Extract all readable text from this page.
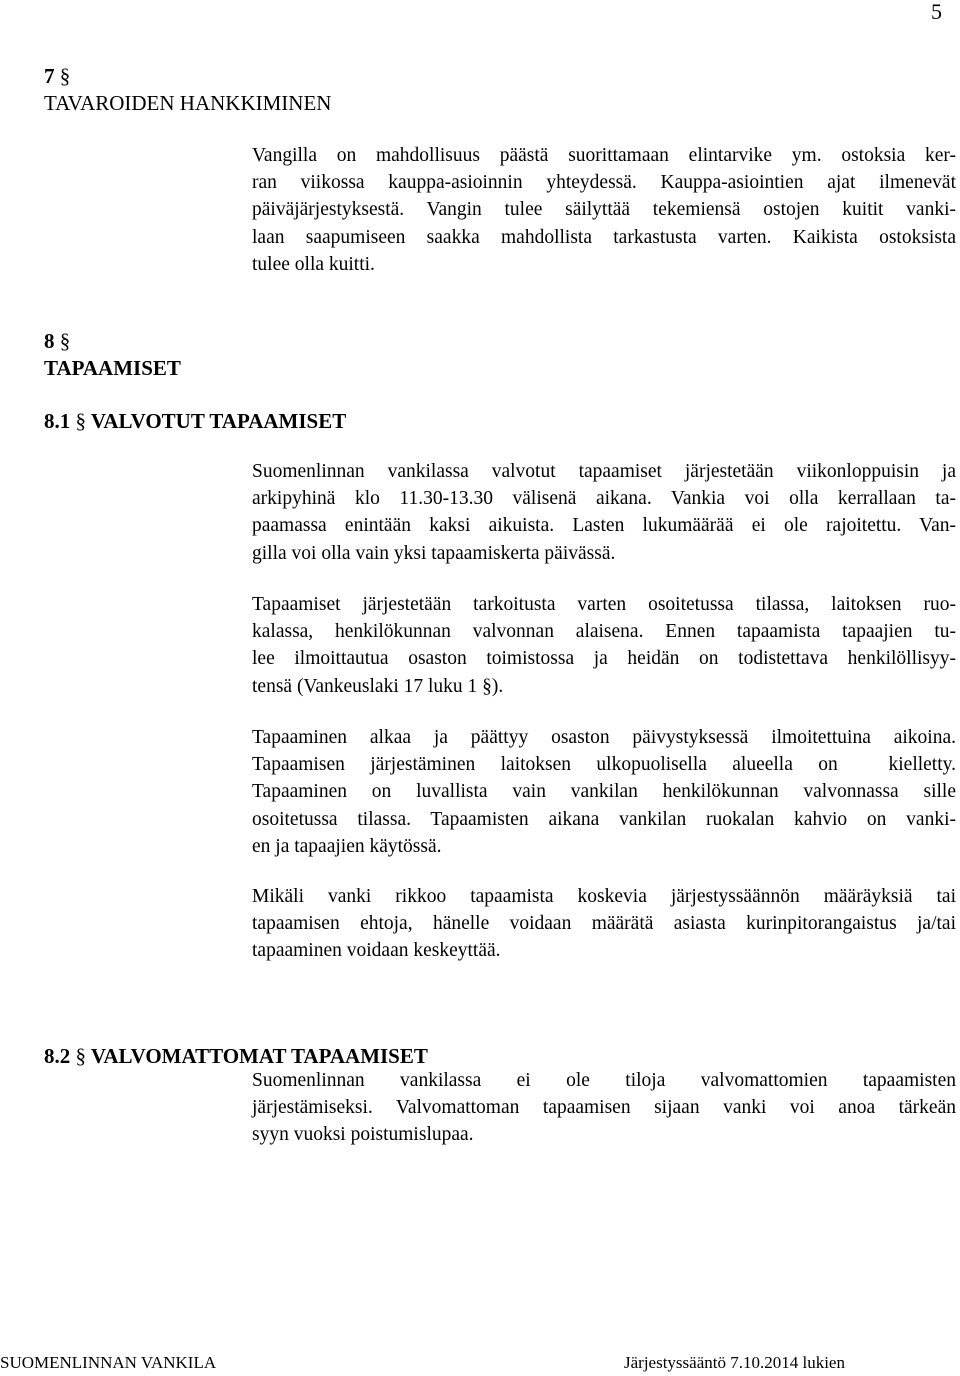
5
7 §
TAVAROIDEN HANKKIMINEN
Vangilla on mahdollisuus päästä suorittamaan elintarvike ym. ostoksia ker-
ran viikossa kauppa-asioinnin yhteydessä. Kauppa-asiointien ajat ilmenevät
päiväjärjestyksestä. Vangin tulee säilyttää tekemiensä ostojen kuitit vanki-
laan saapumiseen saakka mahdollista tarkastusta varten. Kaikista ostoksista
tulee olla kuitti.
8 §
TAPAAMISET
8.1 § VALVOTUT TAPAAMISET
Suomenlinnan vankilassa valvotut tapaamiset järjestetään viikonloppuisin ja
arkipyhinä klo 11.30-13.30 välisenä aikana. Vankia voi olla kerrallaan ta-
paamassa enintään kaksi aikuista. Lasten lukumäärää ei ole rajoitettu. Van-
gilla voi olla vain yksi tapaamiskerta päivässä.
Tapaamiset järjestetään tarkoitusta varten osoitetussa tilassa, laitoksen ruo-
kalassa, henkilökunnan valvonnan alaisena. Ennen tapaamista tapaajien tu-
lee ilmoittautua osaston toimistossa ja heidän on todistettava henkilöllisyy-
tensä (Vankeuslaki 17 luku 1 §).
Tapaaminen alkaa ja päättyy osaston päivystyksessä ilmoitettuina aikoina.
Tapaamisen järjestäminen laitoksen ulkopuolisella alueella on  kielletty.
Tapaaminen on luvallista vain vankilan henkilökunnan valvonnassa sille
osoitetussa tilassa. Tapaamisten aikana vankilan ruokalan kahvio on vanki-
en ja tapaajien käytössä.
Mikäli vanki rikkoo tapaamista koskevia järjestyssäännön määräyksiä tai
tapaamisen ehtoja, hänelle voidaan määrätä asiasta kurinpitorangaistus ja/tai
tapaaminen voidaan keskeyttää.
8.2 § VALVOMATTOMAT TAPAAMISET
Suomenlinnan vankilassa ei ole tiloja valvomattomien tapaamisten
järjestämiseksi. Valvomattoman tapaamisen sijaan vanki voi anoa tärkeän
syyn vuoksi poistumislupaa.
SUOMENLINNAN VANKILA	Järjestyssääntö 7.10.2014 lukien
